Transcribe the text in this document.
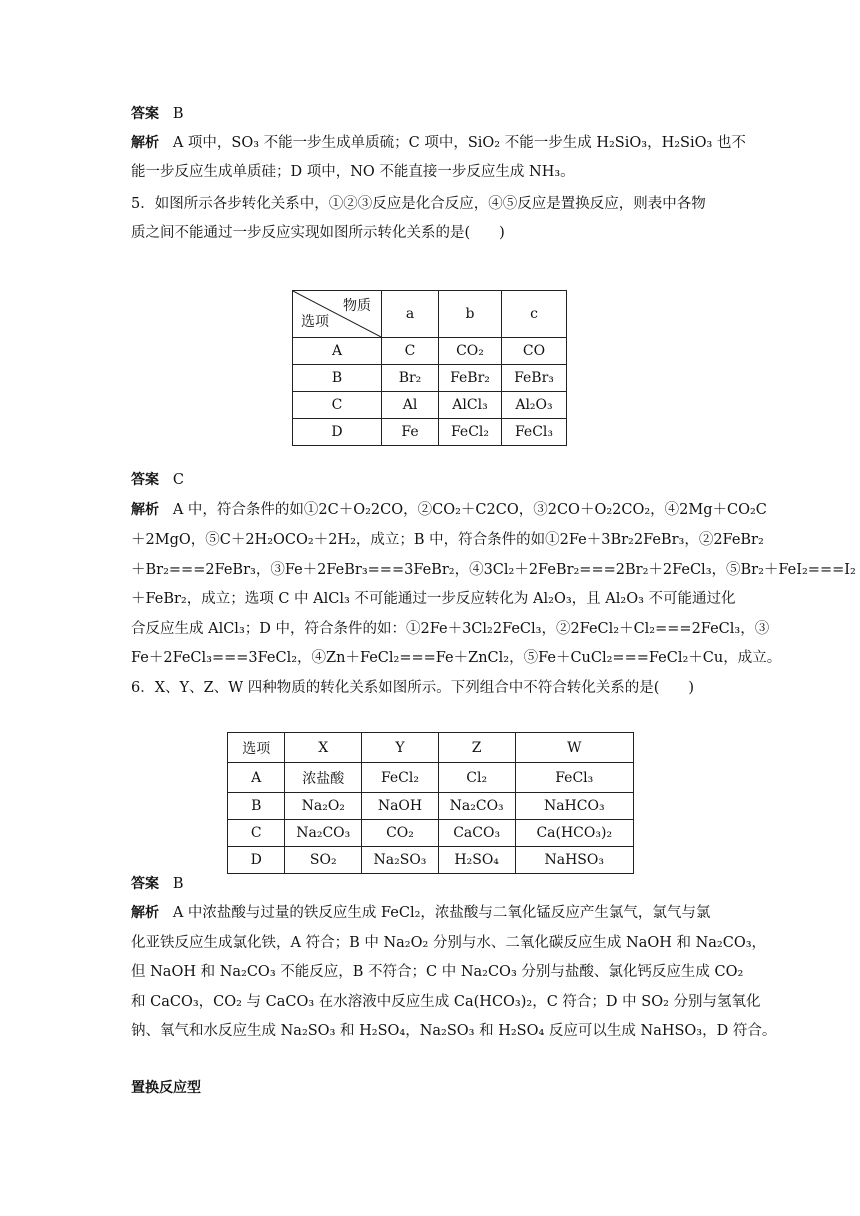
答案 B
解析 A 项中，SO₃ 不能一步生成单质硫；C 项中，SiO₂ 不能一步生成 H₂SiO₃，H₂SiO₃ 也不
能一步反应生成单质硅；D 项中，NO 不能直接一步反应生成 NH₃。
5．如图所示各步转化关系中，①②③反应是化合反应，④⑤反应是置换反应，则表中各物
质之间不能通过一步反应实现如图所示转化关系的是(　　)
物质
选项	a	b	c
A	C	CO₂	CO
B	Br₂	FeBr₂	FeBr₃
C	Al	AlCl₃	Al₂O₃
D	Fe	FeCl₂	FeCl₃
答案 C
解析 A 中，符合条件的如①2C＋O₂2CO，②CO₂＋C2CO，③2CO＋O₂2CO₂，④2Mg＋CO₂C
＋2MgO，⑤C＋2H₂OCO₂＋2H₂，成立；B 中，符合条件的如①2Fe＋3Br₂2FeBr₃，②2FeBr₂
＋Br₂===2FeBr₃，③Fe＋2FeBr₃===3FeBr₂，④3Cl₂＋2FeBr₂===2Br₂＋2FeCl₃，⑤Br₂＋FeI₂===I₂
＋FeBr₂，成立；选项 C 中 AlCl₃ 不可能通过一步反应转化为 Al₂O₃，且 Al₂O₃ 不可能通过化
合反应生成 AlCl₃；D 中，符合条件的如：①2Fe＋3Cl₂2FeCl₃，②2FeCl₂＋Cl₂===2FeCl₃，③
Fe＋2FeCl₃===3FeCl₂，④Zn＋FeCl₂===Fe＋ZnCl₂，⑤Fe＋CuCl₂===FeCl₂＋Cu，成立。
6．X、Y、Z、W 四种物质的转化关系如图所示。下列组合中不符合转化关系的是(　　)
选项	X	Y	Z	W
A	浓盐酸	FeCl₂	Cl₂	FeCl₃
B	Na₂O₂	NaOH	Na₂CO₃	NaHCO₃
C	Na₂CO₃	CO₂	CaCO₃	Ca(HCO₃)₂
D	SO₂	Na₂SO₃	H₂SO₄	NaHSO₃
答案 B
解析 A 中浓盐酸与过量的铁反应生成 FeCl₂，浓盐酸与二氧化锰反应产生氯气，氯气与氯
化亚铁反应生成氯化铁，A 符合；B 中 Na₂O₂ 分别与水、二氧化碳反应生成 NaOH 和 Na₂CO₃，
但 NaOH 和 Na₂CO₃ 不能反应，B 不符合；C 中 Na₂CO₃ 分别与盐酸、氯化钙反应生成 CO₂
和 CaCO₃，CO₂ 与 CaCO₃ 在水溶液中反应生成 Ca(HCO₃)₂，C 符合；D 中 SO₂ 分别与氢氧化
钠、氧气和水反应生成 Na₂SO₃ 和 H₂SO₄，Na₂SO₃ 和 H₂SO₄ 反应可以生成 NaHSO₃，D 符合。
置换反应型
